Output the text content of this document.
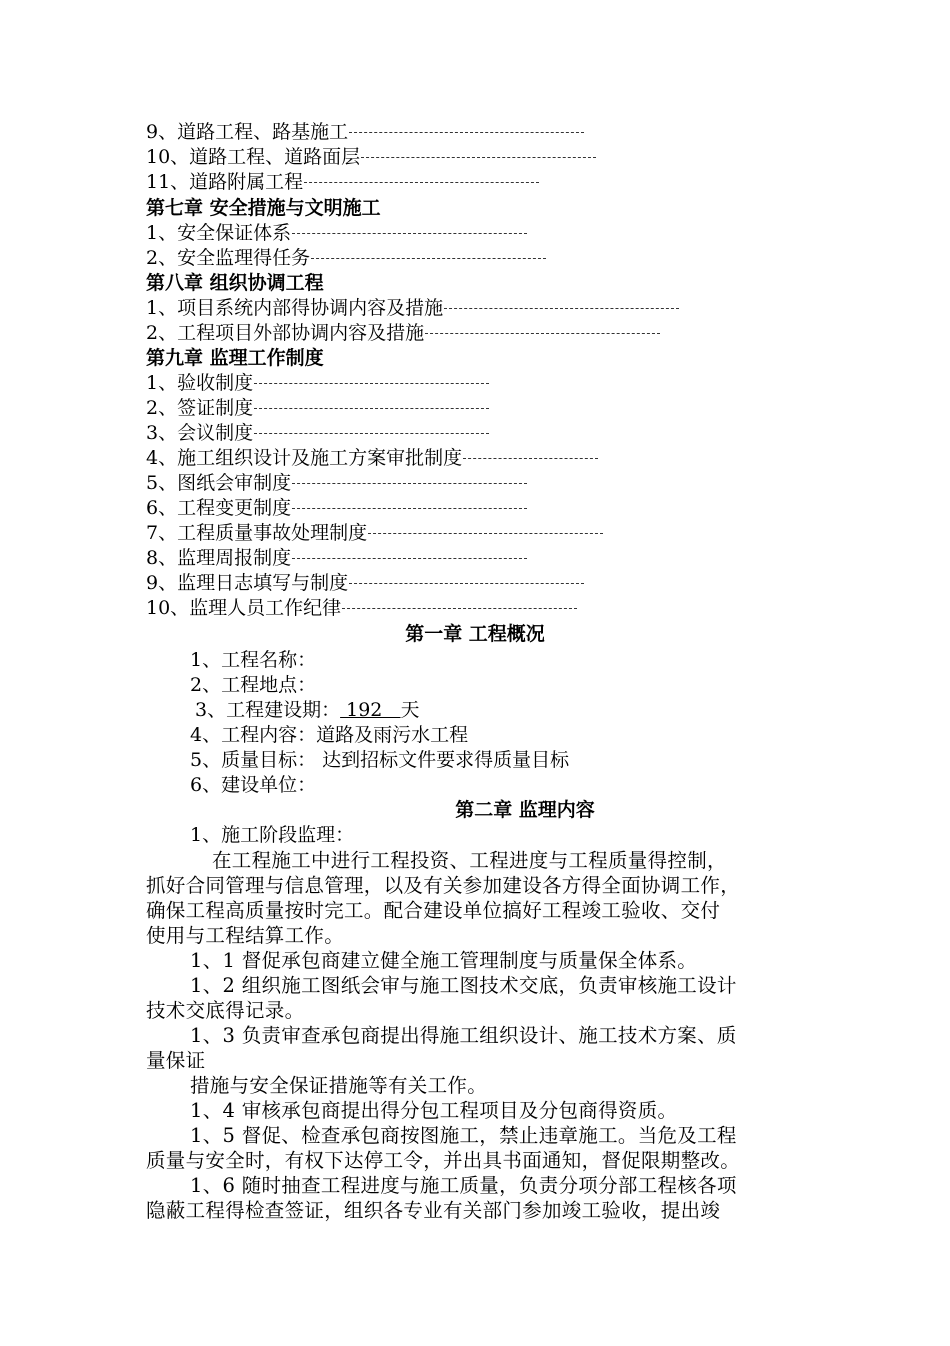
9、道路工程、路基施工
10、道路工程、道路面层
11、道路附属工程
第七章 安全措施与文明施工
1、安全保证体系
2、安全监理得任务
第八章 组织协调工程
1、项目系统内部得协调内容及措施
2、工程项目外部协调内容及措施
第九章 监理工作制度
1、验收制度
2、签证制度
3、会议制度
4、施工组织设计及施工方案审批制度
5、图纸会审制度
6、工程变更制度
7、工程质量事故处理制度
8、监理周报制度
9、监理日志填写与制度
10、监理人员工作纪律
第一章 工程概况
1、工程名称：
2、工程地点：
3、工程建设期： 192   天
4、工程内容：道路及雨污水工程
5、质量目标： 达到招标文件要求得质量目标
6、建设单位：
第二章 监理内容
1、施工阶段监理：
在工程施工中进行工程投资、工程进度与工程质量得控制，
抓好合同管理与信息管理，以及有关参加建设各方得全面协调工作，
确保工程高质量按时完工。配合建设单位搞好工程竣工验收、交付
使用与工程结算工作。
1、1 督促承包商建立健全施工管理制度与质量保全体系。
1、2 组织施工图纸会审与施工图技术交底，负责审核施工设计
技术交底得记录。
1、3 负责审查承包商提出得施工组织设计、施工技术方案、质
量保证
措施与安全保证措施等有关工作。
1、4 审核承包商提出得分包工程项目及分包商得资质。
1、5 督促、检查承包商按图施工，禁止违章施工。当危及工程
质量与安全时，有权下达停工令，并出具书面通知，督促限期整改。
1、6 随时抽查工程进度与施工质量，负责分项分部工程核各项
隐蔽工程得检查签证，组织各专业有关部门参加竣工验收，提出竣
